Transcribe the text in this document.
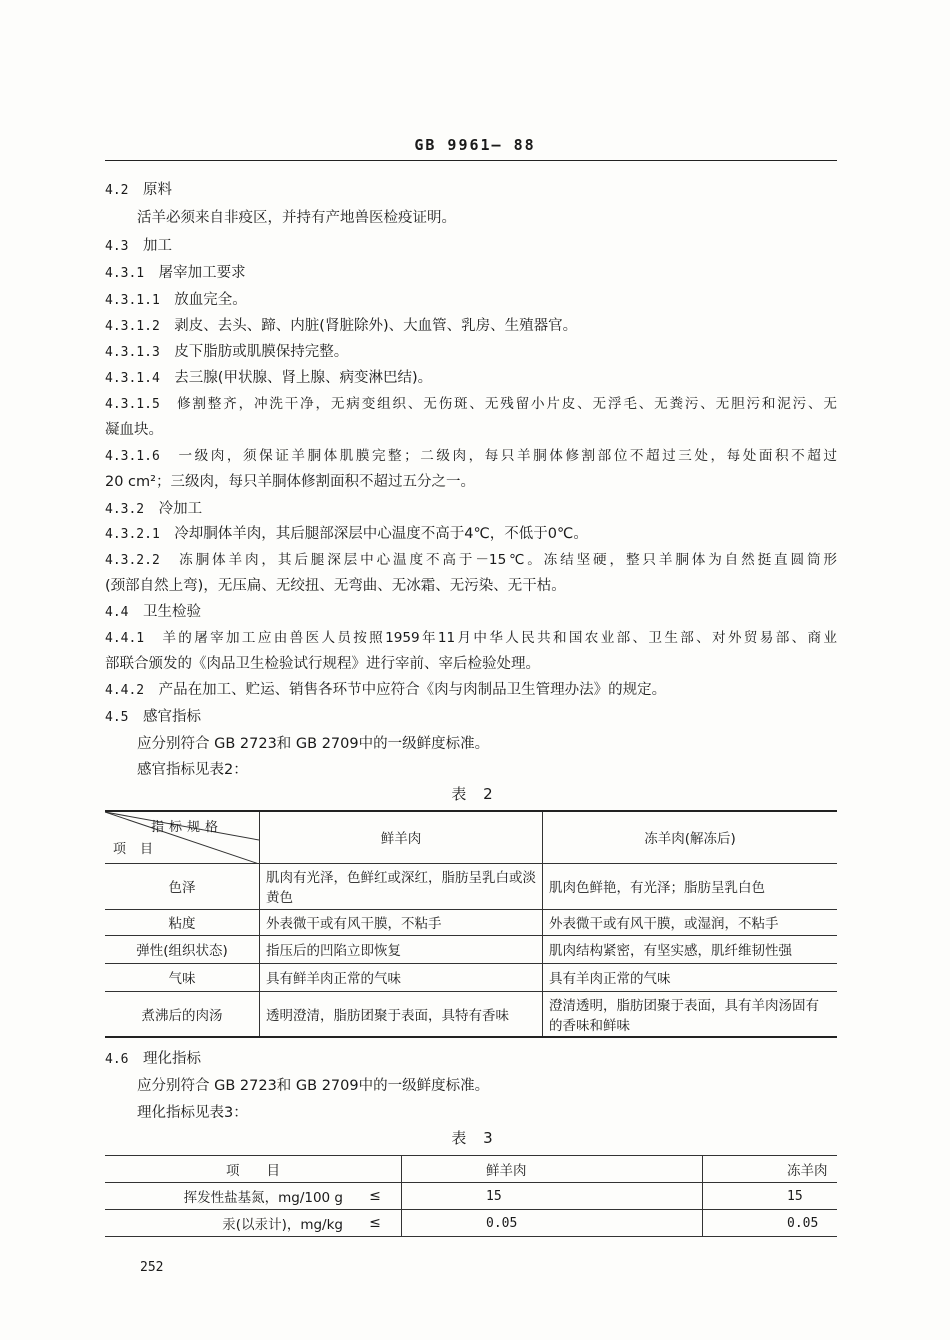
GB 9961— 88
4.2　 原料
活羊必须来自非疫区，并持有产地兽医检疫证明。
4.3　 加工
4.3.1　 屠宰加工要求
4.3.1.1　 放血完全。
4.3.1.2　 剥皮、去头、蹄、内脏(肾脏除外)、大血管、乳房、生殖器官。
4.3.1.3　 皮下脂肪或肌膜保持完整。
4.3.1.4　 去三腺(甲状腺、肾上腺、病变淋巴结)。
4.3.1.5　 修割整齐，冲洗干净，无病变组织、无伤斑、无残留小片皮、无浮毛、无粪污、无胆污和泥污、无
凝血块。
4.3.1.6　 一级肉，须保证羊胴体肌膜完整；二级肉，每只羊胴体修割部位不超过三处，每处面积不超过
20 cm²；三级肉，每只羊胴体修割面积不超过五分之一。
4.3.2　 冷加工
4.3.2.1　 冷却胴体羊肉，其后腿部深层中心温度不高于4℃，不低于0℃。
4.3.2.2　 冻胴体羊肉，其后腿深层中心温度不高于－15℃。冻结坚硬，整只羊胴体为自然挺直圆筒形
(颈部自然上弯)，无压扁、无绞扭、无弯曲、无冰霜、无污染、无干枯。
4.4　 卫生检验
4.4.1　 羊的屠宰加工应由兽医人员按照1959年11月中华人民共和国农业部、卫生部、对外贸易部、商业
部联合颁发的《肉品卫生检验试行规程》进行宰前、宰后检验处理。
4.4.2　 产品在加工、贮运、销售各环节中应符合《肉与肉制品卫生管理办法》的规定。
4.5　 感官指标
应分别符合 GB 2723和 GB 2709中的一级鲜度标准。
感官指标见表2：
表 2
指标规格
项目	鲜羊肉	冻羊肉(解冻后)
色泽	肌肉有光泽，色鲜红或深红，脂肪呈乳白或淡黄色	肌肉色鲜艳，有光泽；脂肪呈乳白色
粘度	外表微干或有风干膜，不粘手	外表微干或有风干膜，或湿润，不粘手
弹性(组织状态)	指压后的凹陷立即恢复	肌肉结构紧密，有坚实感，肌纤维韧性强
气味	具有鲜羊肉正常的气味	具有羊肉正常的气味
煮沸后的肉汤	透明澄清，脂肪团聚于表面，具特有香味	澄清透明，脂肪团聚于表面，具有羊肉汤固有的香味和鲜味
4.6　 理化指标
应分别符合 GB 2723和 GB 2709中的一级鲜度标准。
理化指标见表3：
表 3
项　　目		鲜羊肉	冻羊肉
挥发性盐基氮，mg/100 g	≤	15	15
汞(以汞计)，mg/kg	≤	0.05	0.05
252
